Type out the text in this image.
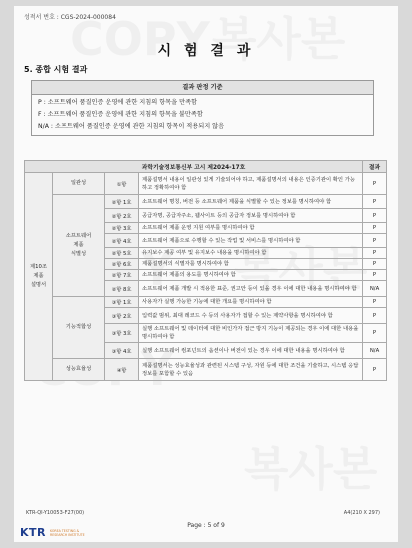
성적서 번호 : CGS-2024-000084
시 험 결 과
5. 종합 시험 결과
결과 판정 기준
P : 소프트웨어 품질인증 운영에 관한 지침의 항목을 만족함
F : 소프트웨어 품질인증 운영에 관한 지침의 항목을 불만족함
N/A : 소프트웨어 품질인증 운영에 관한 지침의 항목이 적용되지 않음
과학기술정보통신부 고시 제2024-17호				결과
제10조
제품
설명서	일관성	①항	제품설명서 내용이 일관성 있게 기술되어야 하고, 제품설명서의 내용은 인증기관이 확인 가능하고 정확하여야 함	P
	소프트웨어
제품
식별성	②항 1호	소프트웨어 명칭, 버전 등 소프트웨어 제품을 식별할 수 있는 정보를 명시하여야 함	P
		②항 2호	공급자명, 공급자주소, 웹사이트 등의 공급자 정보를 명시하여야 함	P
		②항 3호	소프트웨어 제품 운영 지원 여부를 명시하여야 함	P
		②항 4호	소프트웨어 제품으로 수행할 수 있는 작업 및 서비스를 명시하여야 함	P
		②항 5호	유지보수 제공 여부 및 유지보수 내용을 명시하여야 함	P
		②항 6호	제품설명서의 식별자를 명시하여야 함	P
		②항 7호	소프트웨어 제품의 용도를 명시하여야 함	P
		②항 8호	소프트웨어 제품 개발 시 적용한 표준, 권고안 등이 있을 경우 이에 대한 내용을 명시하여야 함	N/A
	기능적합성	③항 1호	사용자가 실행 가능한 기능에 대한 개요를 명시하여야 함	P
		③항 2호	입력값 범위, 최대 레코드 수 등의 사용자가 접할 수 있는 제약사항을 명시하여야 함	P
		③항 3호	실행 소프트웨어 및 데이터에 대한 비인가자 접근 방지 기능이 제공되는 경우 이에 대한 내용을 명시하여야 함	P
		③항 4호	실행 소프트웨어 컴포넌트의 옵션이나 버전이 있는 경우 이에 대한 내용을 명시하여야 함	N/A
	성능효율성	④항	제품설명서는 성능효율성과 관련된 시스템 구성, 자원 등에 대한 조건을 기술하고, 시스템 응답 정보를 포함할 수 있음	P
KTR-QI-Y10053-F27(00)	A4(210 X 297)
Page : 5 of 9
KTR KOREA TESTING &
RESEARCH INSTITUTE
